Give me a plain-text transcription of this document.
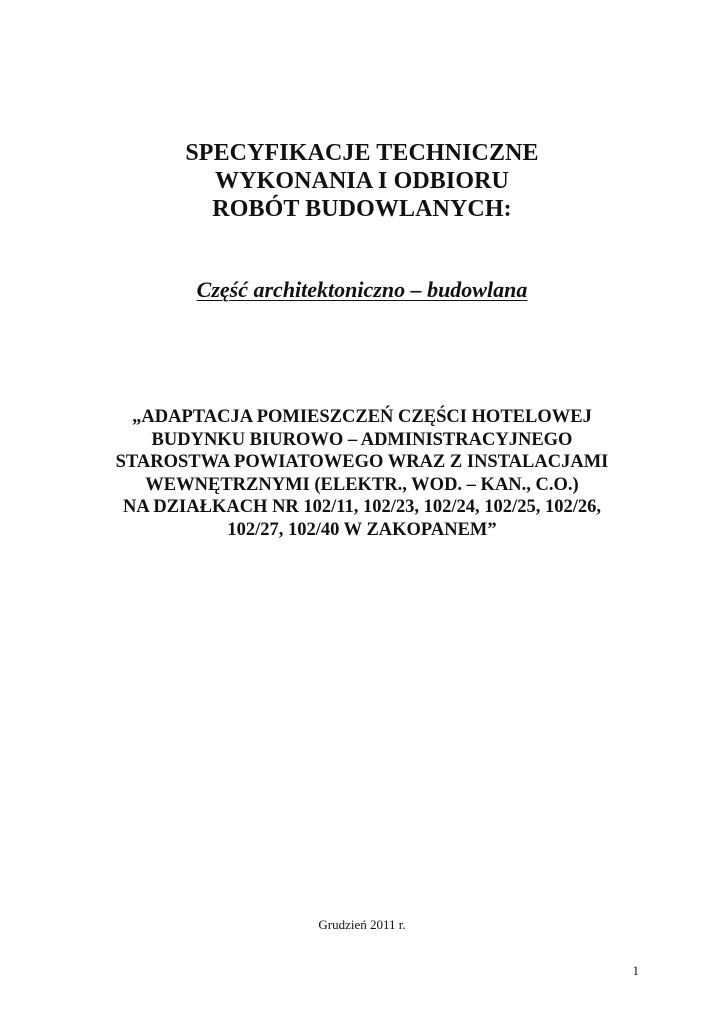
SPECYFIKACJE TECHNICZNE
WYKONANIA I ODBIORU
ROBÓT BUDOWLANYCH:
Część architektoniczno – budowlana
„ADAPTACJA POMIESZCZEŃ CZĘŚCI HOTELOWEJ
BUDYNKU BIUROWO – ADMINISTRACYJNEGO
STAROSTWA POWIATOWEGO WRAZ Z INSTALACJAMI
WEWNĘTRZNYMI (ELEKTR., WOD. – KAN., C.O.)
NA DZIAŁKACH NR 102/11, 102/23, 102/24, 102/25, 102/26,
102/27, 102/40 W ZAKOPANEM”
Grudzień 2011 r.
1
